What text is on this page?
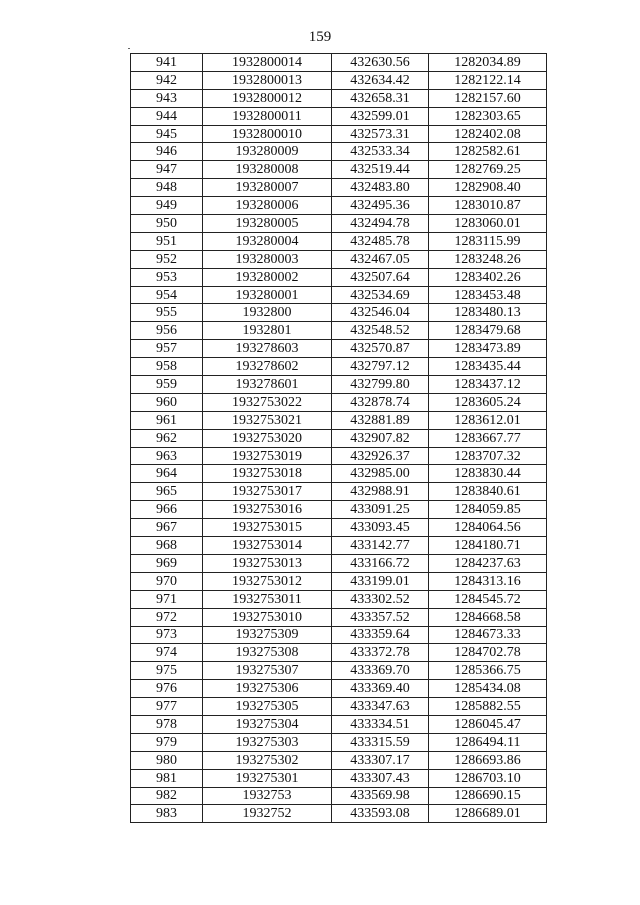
159
941	1932800014	432630.56	1282034.89
942	1932800013	432634.42	1282122.14
943	1932800012	432658.31	1282157.60
944	1932800011	432599.01	1282303.65
945	1932800010	432573.31	1282402.08
946	193280009	432533.34	1282582.61
947	193280008	432519.44	1282769.25
948	193280007	432483.80	1282908.40
949	193280006	432495.36	1283010.87
950	193280005	432494.78	1283060.01
951	193280004	432485.78	1283115.99
952	193280003	432467.05	1283248.26
953	193280002	432507.64	1283402.26
954	193280001	432534.69	1283453.48
955	1932800	432546.04	1283480.13
956	1932801	432548.52	1283479.68
957	193278603	432570.87	1283473.89
958	193278602	432797.12	1283435.44
959	193278601	432799.80	1283437.12
960	1932753022	432878.74	1283605.24
961	1932753021	432881.89	1283612.01
962	1932753020	432907.82	1283667.77
963	1932753019	432926.37	1283707.32
964	1932753018	432985.00	1283830.44
965	1932753017	432988.91	1283840.61
966	1932753016	433091.25	1284059.85
967	1932753015	433093.45	1284064.56
968	1932753014	433142.77	1284180.71
969	1932753013	433166.72	1284237.63
970	1932753012	433199.01	1284313.16
971	1932753011	433302.52	1284545.72
972	1932753010	433357.52	1284668.58
973	193275309	433359.64	1284673.33
974	193275308	433372.78	1284702.78
975	193275307	433369.70	1285366.75
976	193275306	433369.40	1285434.08
977	193275305	433347.63	1285882.55
978	193275304	433334.51	1286045.47
979	193275303	433315.59	1286494.11
980	193275302	433307.17	1286693.86
981	193275301	433307.43	1286703.10
982	1932753	433569.98	1286690.15
983	1932752	433593.08	1286689.01
